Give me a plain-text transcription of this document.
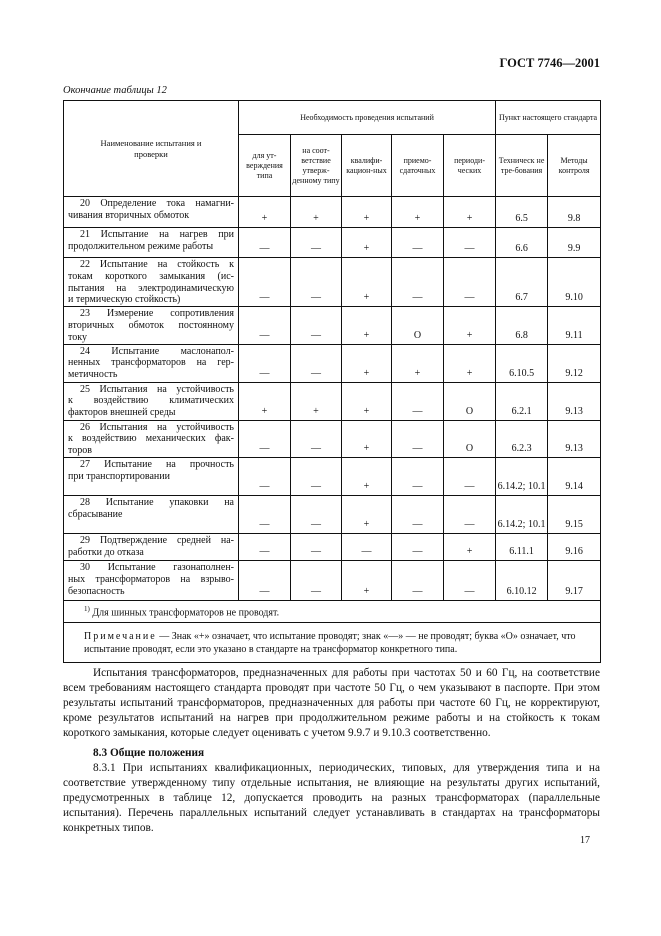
ГОСТ 7746—2001
Окончание таблицы 12
Наименование испытания и проверки	Необходимость проведения испытаний					Пункт настоящего стандарта	
	для ут-верждения типа	на соот-ветствие утверж-денному типу	квалифи-кацион-ных	приемо-сдаточных	периоди-ческих	Техническ не тре-бования	Методы контроля

20 Определение тока намагни-
чивания вторичных обмоток	+	+	+	+	+	6.5	9.8

21 Испытание на нагрев при
продолжительном режиме работы	—	—	+	—	—	6.6	9.9

22 Испытание на стойкость к
токам короткого замыкания (ис-
пытания на электродинамическую
и термическую стойкость)	—	—	+	—	—	6.7	9.10

23 Измерение сопротивления
вторичных обмоток постоянному
току	—	—	+	О	+	6.8	9.11

24 Испытание маслонапол-
ненных трансформаторов на гер-
метичность	—	—	+	+	+	6.10.5	9.12

25 Испытания на устойчивость
к воздействию климатических
факторов внешней среды	+	+	+	—	О	6.2.1	9.13

26 Испытания на устойчивость
к воздействию механических фак-
торов	—	—	+	—	О	6.2.3	9.13

27 Испытание на прочность
при транспортировании	—	—	+	—	—	6.14.2; 10.1	9.14

28 Испытание упаковки на
сбрасывание	—	—	+	—	—	6.14.2; 10.1	9.15

29 Подтверждение средней на-
работки до отказа	—	—	—	—	+	6.11.1	9.16

30 Испытание газонаполнен-
ных трансформаторов на взрыво-
безопасность	—	—	+	—	—	6.10.12	9.17
$^{1)}$ Для шинных трансформаторов не проводят.							
Примечание — Знак «+» означает, что испытание проводят; знак «—» — не проводят; буква «О» означает, что испытание проводят, если это указано в стандарте на трансформатор конкретного типа.							
Испытания трансформаторов, предназначенных для работы при частотах 50 и 60 Гц, на соответствие всем требованиям настоящего стандарта проводят при частоте 50 Гц, о чем указывают в паспорте. При этом результаты испытаний трансформаторов, предназначенных для работы при частоте 60 Гц, не корректируют, кроме результатов испытаний на нагрев при продолжительном режиме работы и на стойкость к токам короткого замыкания, которые следует оценивать с учетом 9.9.7 и 9.10.3 соответственно.
8.3 Общие положения
8.3.1 При испытаниях квалификационных, периодических, типовых, для утверждения типа и на соответствие утвержденному типу отдельные испытания, не влияющие на результаты других испытаний, предусмотренных в таблице 12, допускается проводить на разных трансформаторах (параллельные испытания). Перечень параллельных испытаний следует устанавливать в стандартах на трансформаторы конкретных типов.
17
